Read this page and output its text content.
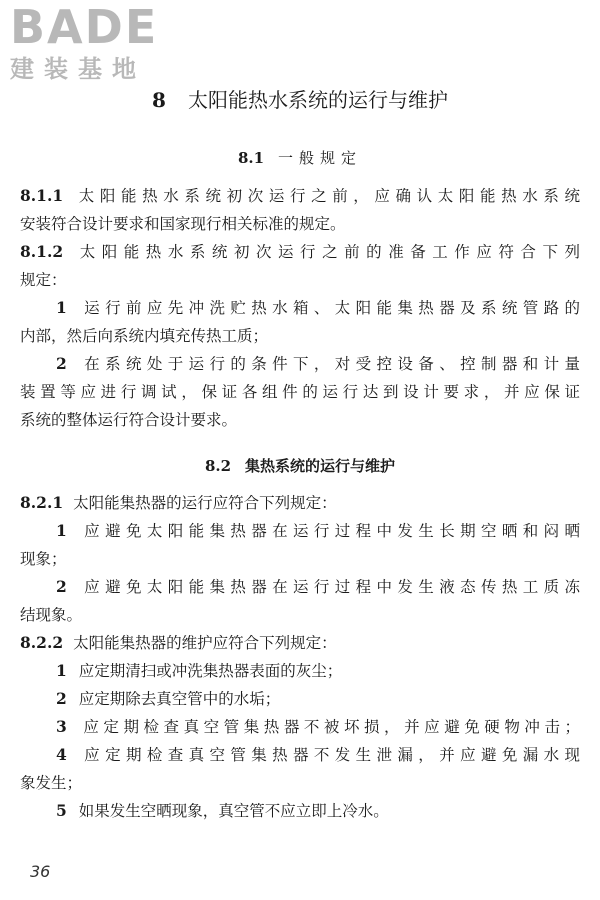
BADE
建装基地
8 太阳能热水系统的运行与维护
8.1 一般规定
8.2 集热系统的运行与维护
8.1.1 太阳能热水系统初次运行之前，应确认太阳能热水系统
安装符合设计要求和国家现行相关标准的规定。
8.1.2 太阳能热水系统初次运行之前的准备工作应符合下列
规定：
1 运行前应先冲洗贮热水箱、太阳能集热器及系统管路的
内部，然后向系统内填充传热工质；
2 在系统处于运行的条件下，对受控设备、控制器和计量
装置等应进行调试，保证各组件的运行达到设计要求，并应保证
系统的整体运行符合设计要求。
8.2.1 太阳能集热器的运行应符合下列规定：
1 应避免太阳能集热器在运行过程中发生长期空晒和闷晒
现象；
2 应避免太阳能集热器在运行过程中发生液态传热工质冻
结现象。
8.2.2 太阳能集热器的维护应符合下列规定：
1 应定期清扫或冲洗集热器表面的灰尘；
2 应定期除去真空管中的水垢；
3 应定期检查真空管集热器不被坏损，并应避免硬物冲击；
4 应定期检查真空管集热器不发生泄漏，并应避免漏水现
象发生；
5 如果发生空晒现象，真空管不应立即上冷水。
36
